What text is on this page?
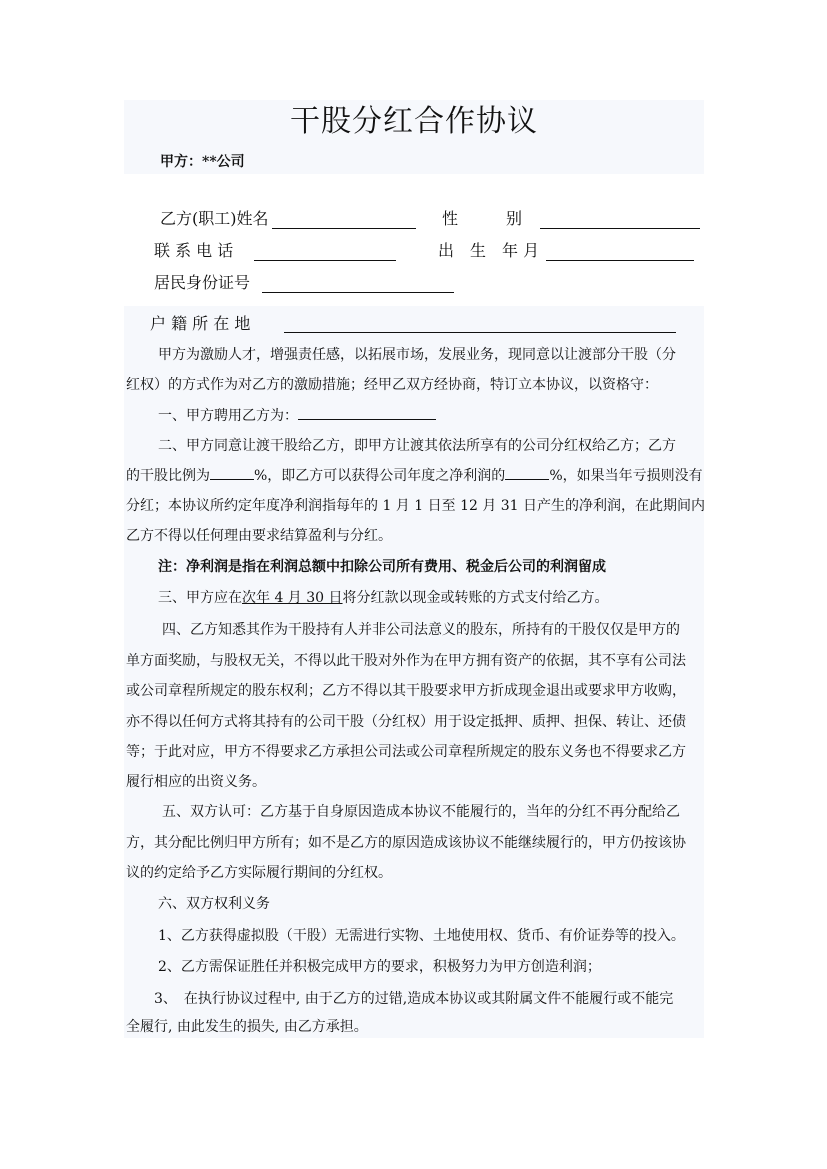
干股分红合作协议
甲方：**公司
乙方(职工)姓名	性　　　别
联 系 电 话	出　生　年 月
居民身份证号
户 籍 所 在 地
甲方为激励人才，增强责任感，以拓展市场，发展业务，现同意以让渡部分干股（分
红权）的方式作为对乙方的激励措施；经甲乙双方经协商，特订立本协议，以资格守：
一、甲方聘用乙方为：
二、甲方同意让渡干股给乙方，即甲方让渡其依法所享有的公司分红权给乙方；乙方
的干股比例为	%，即乙方可以获得公司年度之净利润的	%，如果当年亏损则没有
分红；本协议所约定年度净利润指每年的 1 月 1 日至 12 月 31 日产生的净利润，在此期间内
乙方不得以任何理由要求结算盈利与分红。
注：净利润是指在利润总额中扣除公司所有费用、税金后公司的利润留成
三、甲方应在次年 4 月 30 日将分红款以现金或转账的方式支付给乙方。
四、乙方知悉其作为干股持有人并非公司法意义的股东，所持有的干股仅仅是甲方的
单方面奖励，与股权无关，不得以此干股对外作为在甲方拥有资产的依据，其不享有公司法
或公司章程所规定的股东权利；乙方不得以其干股要求甲方折成现金退出或要求甲方收购，
亦不得以任何方式将其持有的公司干股（分红权）用于设定抵押、质押、担保、转让、还债
等；于此对应，甲方不得要求乙方承担公司法或公司章程所规定的股东义务也不得要求乙方
履行相应的出资义务。
五、双方认可：乙方基于自身原因造成本协议不能履行的，当年的分红不再分配给乙
方，其分配比例归甲方所有；如不是乙方的原因造成该协议不能继续履行的，甲方仍按该协
议的约定给予乙方实际履行期间的分红权。
六、双方权利义务
1、乙方获得虚拟股（干股）无需进行实物、土地使用权、货币、有价证券等的投入。
2、乙方需保证胜任并积极完成甲方的要求，积极努力为甲方创造利润；
3、　在执行协议过程中, 由于乙方的过错,造成本协议或其附属文件不能履行或不能完
全履行, 由此发生的损失, 由乙方承担。
